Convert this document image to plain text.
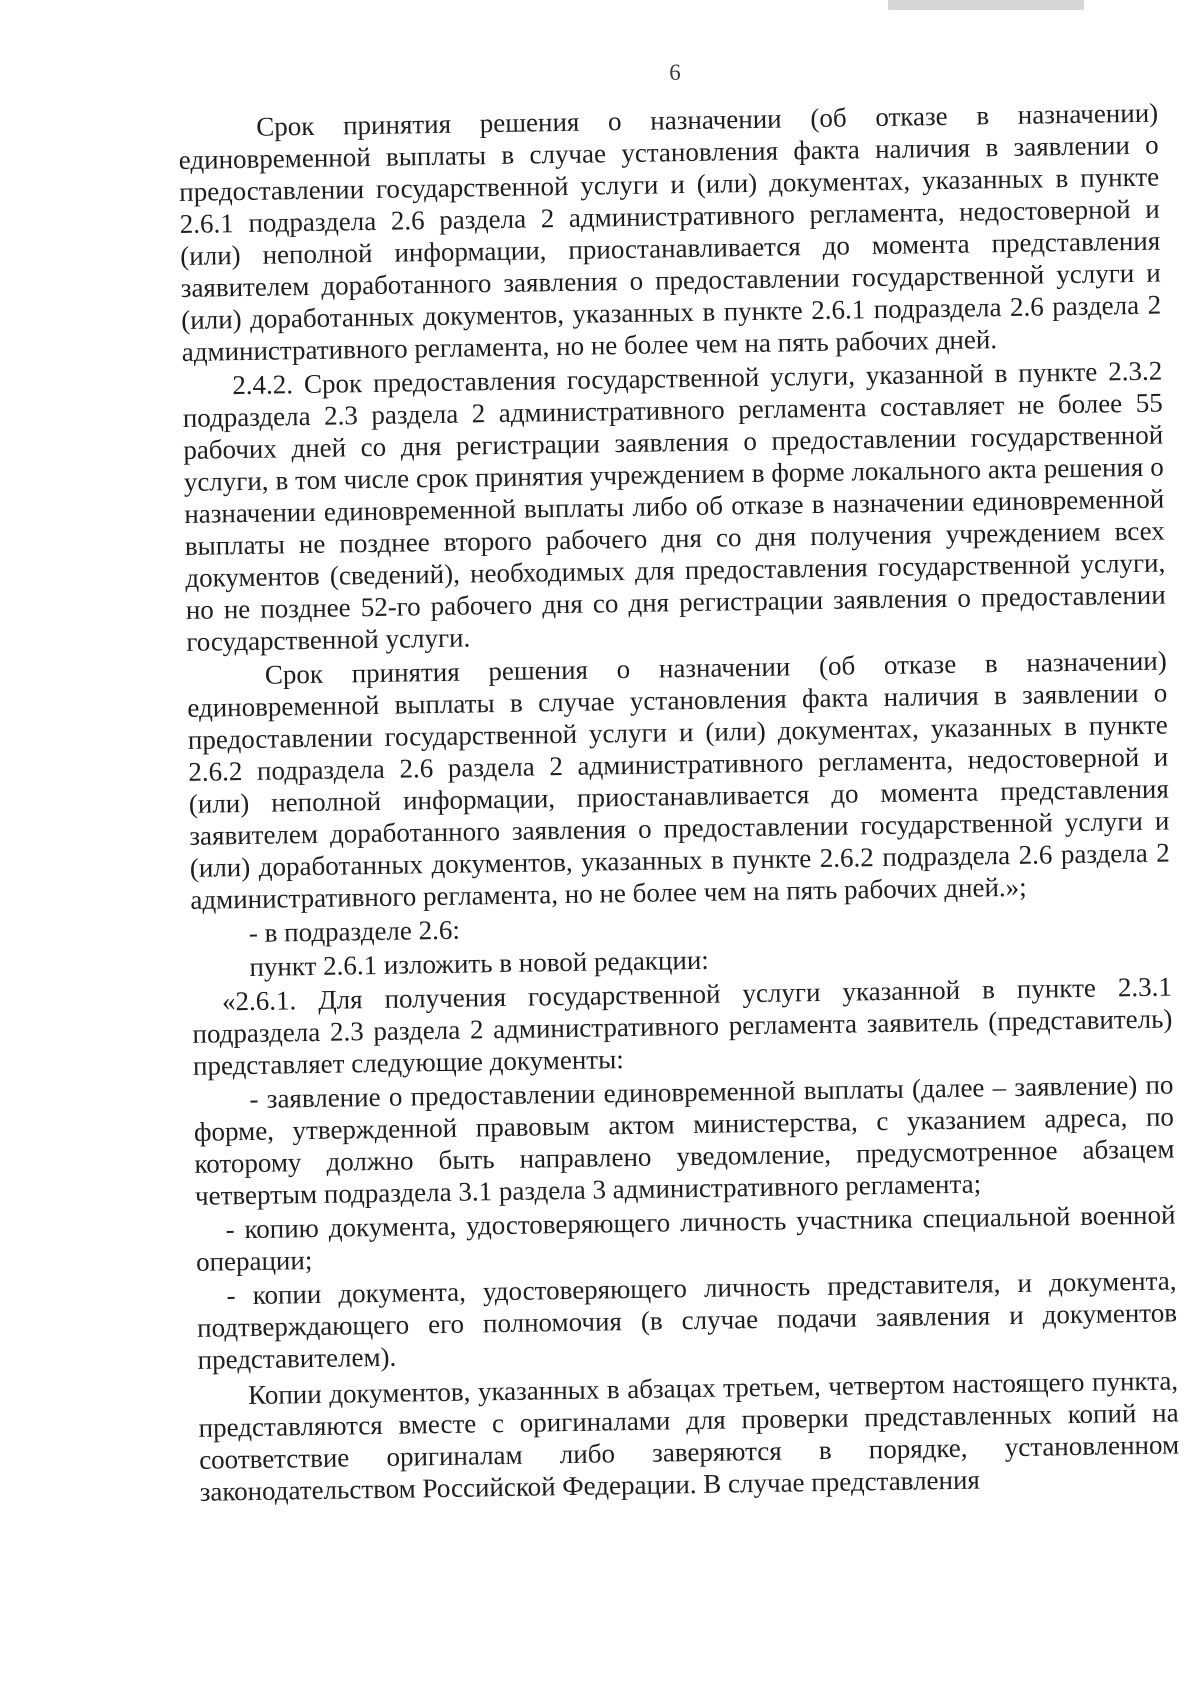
6

Срок принятия решения о назначении (об отказе в назначении) единовременной выплаты в случае установления факта наличия в заявлении о предоставлении государственной услуги и (или) документах, указанных в пункте 2.6.1 подраздела 2.6 раздела 2 административного регламента, недостоверной и (или) неполной информации, приостанавливается до момента представления заявителем доработанного заявления о предоставлении государственной услуги и (или) доработанных документов, указанных в пункте 2.6.1 подраздела 2.6 раздела 2 административного регламента, но не более чем на пять рабочих дней.

2.4.2. Срок предоставления государственной услуги, указанной в пункте 2.3.2 подраздела 2.3 раздела 2 административного регламента составляет не более 55 рабочих дней со дня регистрации заявления о предоставлении государственной услуги, в том числе срок принятия учреждением в форме локального акта решения о назначении единовременной выплаты либо об отказе в назначении единовременной выплаты не позднее второго рабочего дня со дня получения учреждением всех документов (сведений), необходимых для предоставления государственной услуги, но не позднее 52-го рабочего дня со дня регистрации заявления о предоставлении государственной услуги.

Срок принятия решения о назначении (об отказе в назначении) единовременной выплаты в случае установления факта наличия в заявлении о предоставлении государственной услуги и (или) документах, указанных в пункте 2.6.2 подраздела 2.6 раздела 2 административного регламента, недостоверной и (или) неполной информации, приостанавливается до момента представления заявителем доработанного заявления о предоставлении государственной услуги и (или) доработанных документов, указанных в пункте 2.6.2 подраздела 2.6 раздела 2 административного регламента, но не более чем на пять рабочих дней.»;

- в подразделе 2.6:

пункт 2.6.1 изложить в новой редакции:

«2.6.1. Для получения государственной услуги указанной в пункте 2.3.1 подраздела 2.3 раздела 2 административного регламента заявитель (представитель) представляет следующие документы:

- заявление о предоставлении единовременной выплаты (далее – заявление) по форме, утвержденной правовым актом министерства, с указанием адреса, по которому должно быть направлено уведомление, предусмотренное абзацем четвертым подраздела 3.1 раздела 3 административного регламента;

- копию документа, удостоверяющего личность участника специальной военной операции;

- копии документа, удостоверяющего личность представителя, и документа, подтверждающего его полномочия (в случае подачи заявления и документов представителем).

Копии документов, указанных в абзацах третьем, четвертом настоящего пункта, представляются вместе с оригиналами для проверки представленных копий на соответствие оригиналам либо заверяются в порядке, установленном законодательством Российской Федерации. В случае представления
